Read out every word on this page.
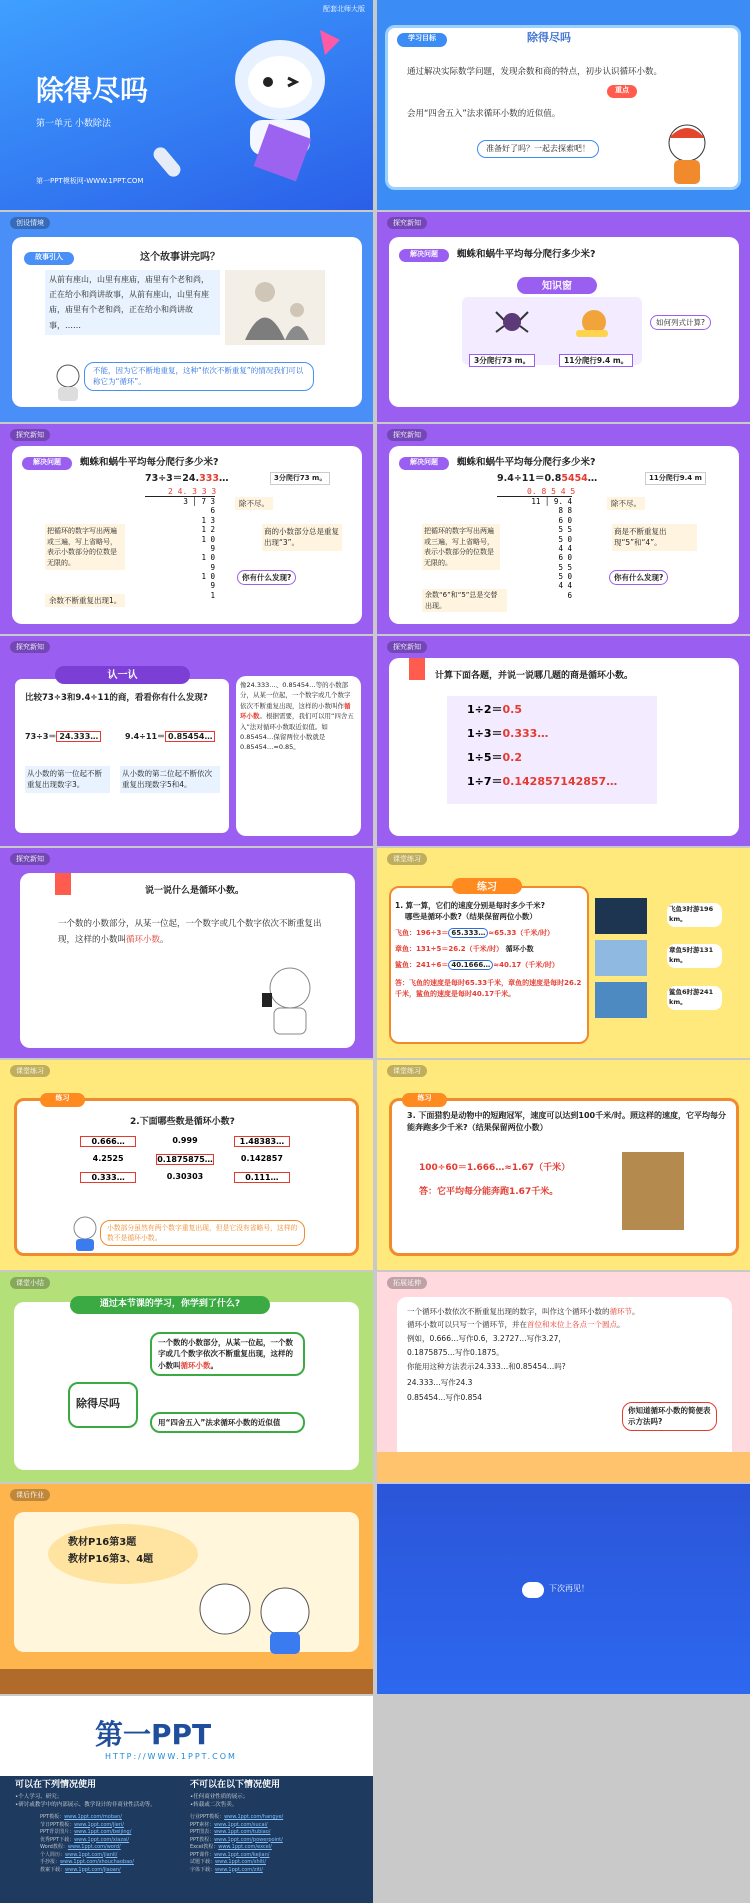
配套北师大版
除得尽吗
第一单元 小数除法
第一PPT模板网-WWW.1PPT.COM
学习目标	除得尽吗
通过解决实际数学问题，发现余数和商的特点，初步认识循环小数。
重点
会用“四舍五入”法求循环小数的近似值。
准备好了吗？一起去探索吧！
创设情境
故事引入	这个故事讲完吗？
从前有座山，山里有座庙，庙里有个老和尚，正在给小和尚讲故事，从前有座山，山里有座庙，庙里有个老和尚，正在给小和尚讲故事，……
不能，因为它不断地重复，这种“依次不断重复”的情况我们可以称它为“循环”。
探究新知
解决问题	蜘蛛和蜗牛平均每分爬行多少米?
知识窗
3分爬行73 m。	11分爬行9.4 m。
如何列式计算?
探究新知
解决问题	蜘蛛和蜗牛平均每分爬行多少米?
73÷3＝24.333…	3分爬行73 m。
2 4. 3 3 3
3 │ 7 3
6
1 3
1 2
1 0
9
1 0
9
1 0
9
1
把循环的数字写出两遍或三遍，写上省略号，表示小数部分的位数是无限的。
除不尽。
商的小数部分总是重复出现“3”。
你有什么发现?
余数不断重复出现1。
探究新知
解决问题	蜘蛛和蜗牛平均每分爬行多少米?
9.4÷11＝0.85454…	11分爬行9.4 m
0. 8 5 4 5
11 │ 9. 4
8 8
6 0
5 5
5 0
4 4
6 0
5 5
5 0
4 4
6
把循环的数字写出两遍或三遍，写上省略号，表示小数部分的位数是无限的。
除不尽。
商是不断重复出现“5”和“4”。
你有什么发现?
余数“6”和“5”总是交替出现。
探究新知
认一认
比较73÷3和9.4÷11的商，看看你有什么发现?
73÷3＝ 24.333…	9.4÷11＝ 0.85454…
从小数的第一位起不断重复出现数字3。
从小数的第二位起不断依次重复出现数字5和4。
像24.333…、0.85454…等的小数部分，从某一位起，一个数字或几个数字依次不断重复出现，这样的小数叫作循环小数。根据需要，我们可以用“四舍五入”法对循环小数取近似值。如0.85454…保留两位小数就是0.85454…≈0.85。
探究新知
计算下面各题，并说一说哪几题的商是循环小数。
1÷2＝0.5
1÷3＝0.333…
1÷5＝0.2
1÷7＝0.142857142857…
探究新知
说一说什么是循环小数。
一个数的小数部分，从某一位起，一个数字或几个数字依次不断重复出现，这样的小数叫循环小数。
课堂练习
练习
1. 算一算，它们的速度分别是每时多少千米?
哪些是循环小数?（结果保留两位小数）
飞鱼：196÷3＝ 65.333… ≈65.33（千米/时）
章鱼：131÷5＝26.2（千米/时） 循环小数
鲨鱼：241÷6＝ 40.1666… ≈40.17（千米/时）
答：飞鱼的速度是每时65.33千米，章鱼的速度是每时26.2千米，鲨鱼的速度是每时40.17千米。
飞鱼3时游196 km。
章鱼5时游131 km。
鲨鱼6时游241 km。
课堂练习
练习
2.下面哪些数是循环小数?
0.666…	0.999	1.48383…
4.2525	0.1875875…	0.142857
0.333…	0.30303	0.111…
小数部分虽然有两个数字重复出现，但是它没有省略号，这样的数不是循环小数。
课堂练习
练习
3. 下面猎豹是动物中的短跑冠军，速度可以达到100千米/时。照这样的速度，它平均每分能奔跑多少千米?（结果保留两位小数）
100÷60＝1.666…≈1.67（千米）
答：它平均每分能奔跑1.67千米。
课堂小结
通过本节课的学习，你学到了什么?
除得尽吗
一个数的小数部分，从某一位起，一个数字或几个数字依次不断重复出现，这样的小数叫循环小数。
用“四舍五入”法求循环小数的近似值
拓展延伸
一个循环小数依次不断重复出现的数字，叫作这个循环小数的循环节。
循环小数可以只写一个循环节，并在首位和末位上各点一个圆点。
例如，0.666…写作0.6̇，3.2727…写作3.2̇7̇，
0.1875875…写作0.18̇75̇。
你能用这种方法表示24.333…和0.85454…吗?
24.333…写作24.3̇
0.85454…写作0.85̇4̇
你知道循环小数的简便表示方法吗?
课后作业
教材P16第3题
教材P16第3、4题
下次再见！
第一PPT
HTTP://WWW.1PPT.COM
可以在下列情况使用
•个人学习、研究；
•研讨或教学中的内部展示、教学设计的非商业性活动等。
不可以在以下情况使用
•任何商业性质的展示；
•转载或二次售卖。
PPT模板：www.1ppt.com/moban/
节日PPT模板：www.1ppt.com/jieri/
PPT背景图片：www.1ppt.com/beijing/
优秀PPT下载：www.1ppt.com/xiazai/
Word教程：www.1ppt.com/word/
个人简历：www.1ppt.com/jianli/
手抄报：www.1ppt.com/shouchaobao/
教案下载：www.1ppt.com/jiaoan/
行业PPT模板：www.1ppt.com/hangye/
PPT素材：www.1ppt.com/sucai/
PPT图表：www.1ppt.com/tubiao/
PPT教程：www.1ppt.com/powerpoint/
Excel教程：www.1ppt.com/excel/
PPT课件：www.1ppt.com/kejian/
试题下载：www.1ppt.com/shiti/
字体下载：www.1ppt.com/ziti/
